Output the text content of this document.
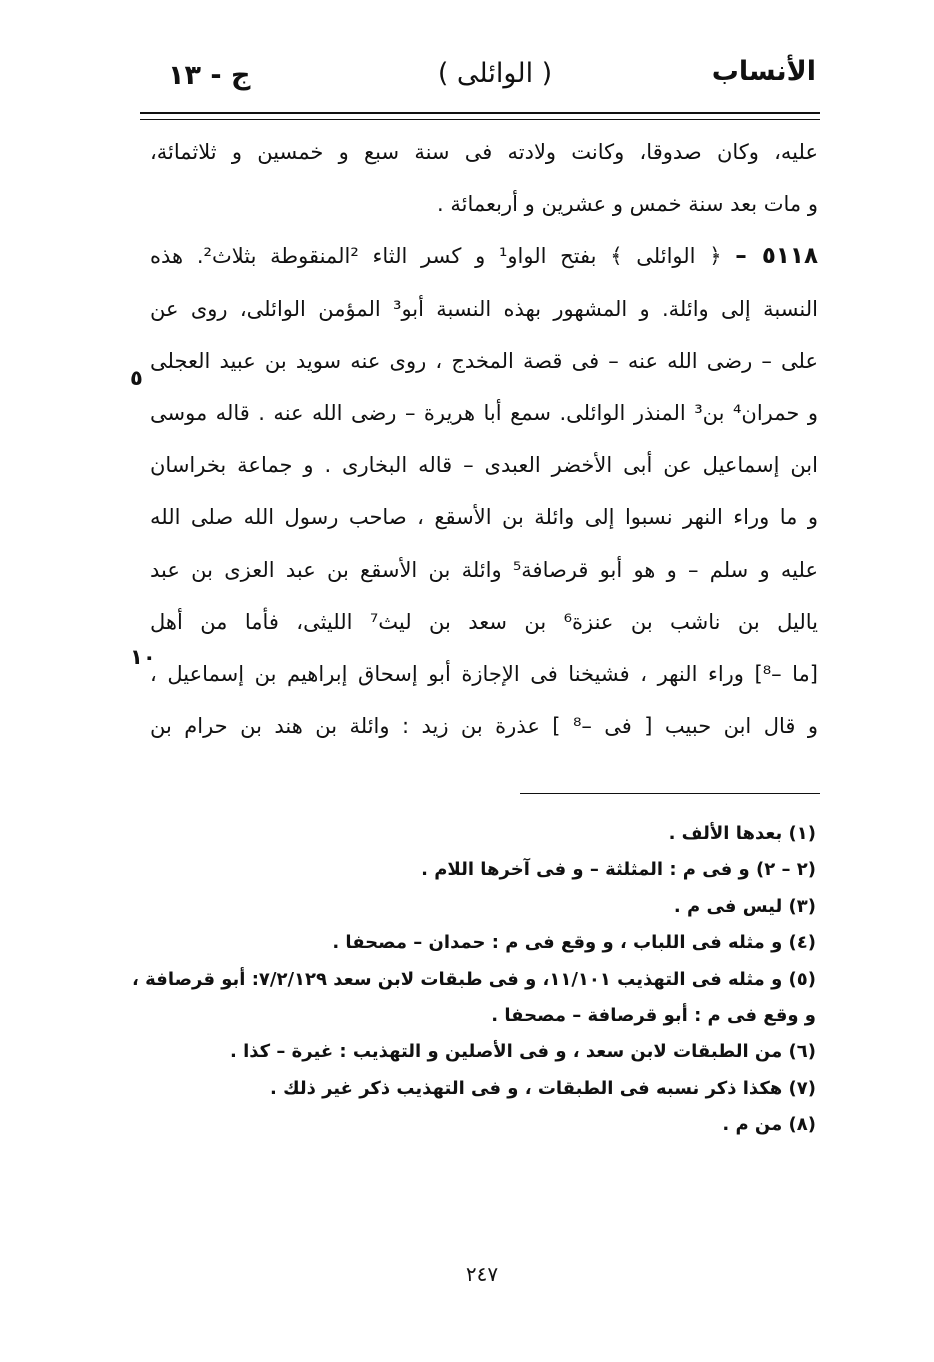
ج - ١٣	( الوائلى )	الأنساب
عليه، وكان صدوقا، وكانت ولادته فى سنة سبع و خمسين و ثلاثمائة،
و مات بعد سنة خمس و عشرين و أربعمائة .
٥١١٨ – ﴿ الوائلى ﴾ بفتح الواو¹ و كسر الثاء ²المنقوطة بثلاث². هذه
النسبة إلى وائلة. و المشهور بهذه النسبة أبو³ المؤمن الوائلى، روى عن
على – رضى الله عنه – فى قصة المخدج ، روى عنه سويد بن عبيد العجلى
و حمران⁴ بن³ المنذر الوائلى. سمع أبا هريرة – رضى الله عنه . قاله موسى
ابن إسماعيل عن أبى الأخضر العبدى – قاله البخارى . و جماعة بخراسان
و ما وراء النهر نسبوا إلى وائلة بن الأسقع ، صاحب رسول الله صلى الله
عليه و سلم – و هو أبو قرصافة⁵ وائلة بن الأسقع بن عبد العزى بن عبد
ياليل بن ناشب بن عنزة⁶ بن سعد بن ليث⁷ الليثى، فأما من أهل
[ما –⁸] وراء النهر ، فشيخنا فى الإجازة أبو إسحاق إبراهيم بن إسماعيل ،
و قال ابن حبيب [ فى –⁸ ] عذرة بن زيد : وائلة بن هند بن حرام بن
٥
١٠
(١) بعدها الألف .
(٢ – ٢) و فى م : المثلثة – و فى آخرها اللام .
(٣) ليس فى م .
(٤) و مثله فى اللباب ، و وقع فى م : حمدان – مصحفا .
(٥) و مثله فى التهذيب ١١/١٠١، و فى طبقات لابن سعد ٧/٢/١٢٩: أبو قرصافة ،
و وقع فى م : أبو قرصافة – مصحفا .
(٦) من الطبقات لابن سعد ، و فى الأصلين و التهذيب : غيرة – كذا .
(٧) هكذا ذكر نسبه فى الطبقات ، و فى التهذيب ذكر غير ذلك .
(٨) من م .
٢٤٧
